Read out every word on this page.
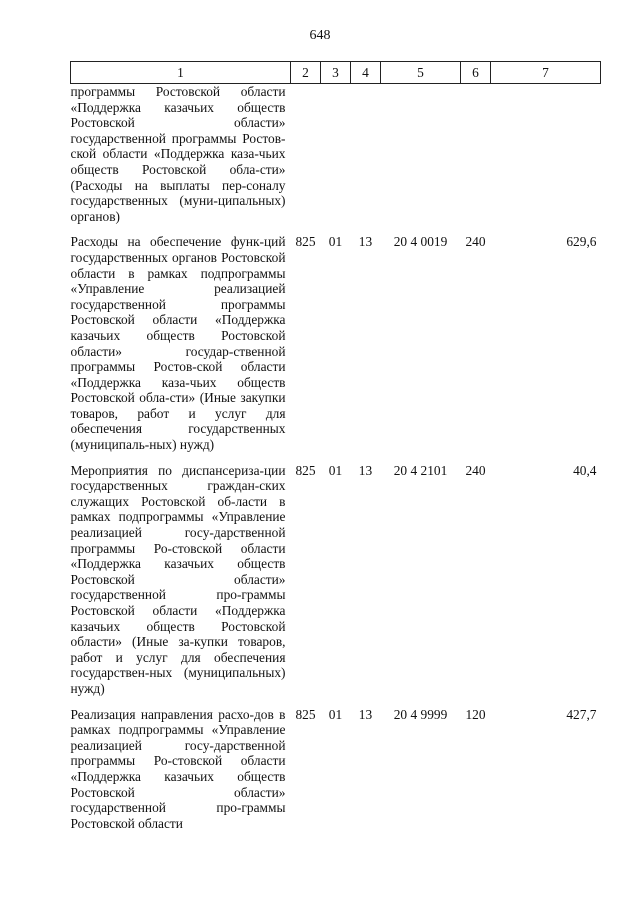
648
1	2	3	4	5	6	7
программы Ростовской области «Поддержка казачьих обществ Ростовской области» государственной программы Ростов-ской области «Поддержка каза-чьих обществ Ростовской обла-сти» (Расходы на выплаты пер-соналу государственных (муни-ципальных) органов)						

Расходы на обеспечение функ-ций государственных органов Ростовской области в рамках подпрограммы «Управление реализацией государственной программы Ростовской области «Поддержка казачьих обществ Ростовской области» государ-ственной программы Ростов-ской области «Поддержка каза-чьих обществ Ростовской обла-сти» (Иные закупки товаров, работ и услуг для обеспечения государственных (муниципаль-ных) нужд)	825	01	13	20 4 0019	240	629,6

Мероприятия по диспансериза-ции государственных граждан-ских служащих Ростовской об-ласти в рамках подпрограммы «Управление реализацией госу-дарственной программы Ро-стовской области «Поддержка казачьих обществ Ростовской области» государственной про-граммы Ростовской области «Поддержка казачьих обществ Ростовской области» (Иные за-купки товаров, работ и услуг для обеспечения государствен-ных (муниципальных) нужд)	825	01	13	20 4 2101	240	40,4

Реализация направления расхо-дов в рамках подпрограммы «Управление реализацией госу-дарственной программы Ро-стовской области «Поддержка казачьих обществ Ростовской области» государственной про-граммы Ростовской области	825	01	13	20 4 9999	120	427,7
